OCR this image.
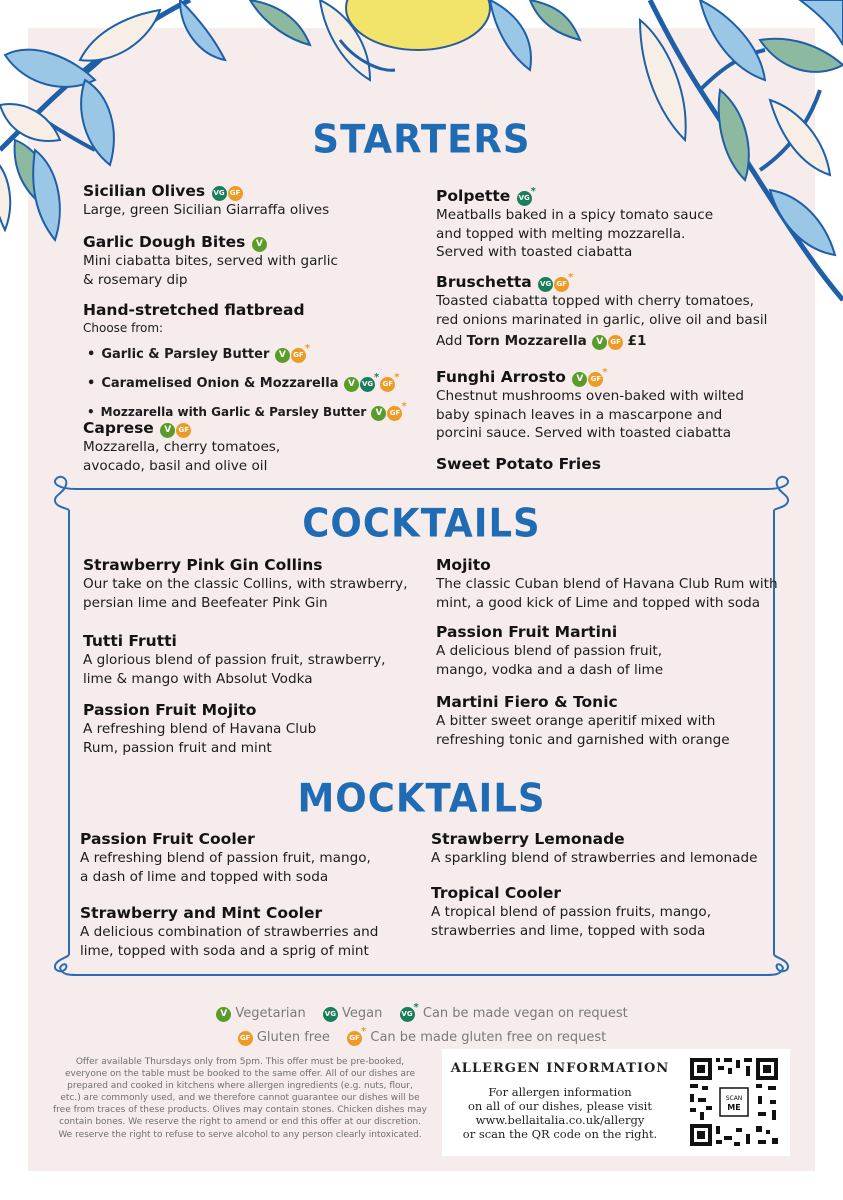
STARTERS
Sicilian Olives VG GF
Large, green Sicilian Giarraffa olives
Garlic Dough Bites V
Mini ciabatta bites, served with garlic
& rosemary dip
Hand-stretched flatbread
Choose from:
• Garlic & Parsley Butter V GF*
• Caramelised Onion & Mozzarella V VG*GF*
• Mozzarella with Garlic & Parsley Butter V GF*
Caprese V GF
Mozzarella, cherry tomatoes,
avocado, basil and olive oil
Polpette VG*
Meatballs baked in a spicy tomato sauce
and topped with melting mozzarella.
Served with toasted ciabatta
Bruschetta VG GF*
Toasted ciabatta topped with cherry tomatoes,
red onions marinated in garlic, olive oil and basil
Add Torn Mozzarella V GF £1
Funghi Arrosto V GF*
Chestnut mushrooms oven-baked with wilted
baby spinach leaves in a mascarpone and
porcini sauce. Served with toasted ciabatta
Sweet Potato Fries
COCKTAILS
Strawberry Pink Gin Collins
Our take on the classic Collins, with strawberry,
persian lime and Beefeater Pink Gin
Tutti Frutti
A glorious blend of passion fruit, strawberry,
lime & mango with Absolut Vodka
Passion Fruit Mojito
A refreshing blend of Havana Club
Rum, passion fruit and mint
Mojito
The classic Cuban blend of Havana Club Rum with
mint, a good kick of Lime and topped with soda
Passion Fruit Martini
A delicious blend of passion fruit,
mango, vodka and a dash of lime
Martini Fiero & Tonic
A bitter sweet orange aperitif mixed with
refreshing tonic and garnished with orange
MOCKTAILS
Passion Fruit Cooler
A refreshing blend of passion fruit, mango,
a dash of lime and topped with soda
Strawberry and Mint Cooler
A delicious combination of strawberries and
lime, topped with soda and a sprig of mint
Strawberry Lemonade
A sparkling blend of strawberries and lemonade
Tropical Cooler
A tropical blend of passion fruits, mango,
strawberries and lime, topped with soda
V Vegetarian	VG Vegan	VG* Can be made vegan on request
GF Gluten free	GF* Can be made gluten free on request
Offer available Thursdays only from 5pm. This offer must be pre-booked,
everyone on the table must be booked to the same offer. All of our dishes are
prepared and cooked in kitchens where allergen ingredients (e.g. nuts, flour,
etc.) are commonly used, and we therefore cannot guarantee our dishes will be
free from traces of these products. Olives may contain stones. Chicken dishes may
contain bones. We reserve the right to amend or end this offer at our discretion.
We reserve the right to refuse to serve alcohol to any person clearly intoxicated.
ALLERGEN INFORMATION
For allergen information
on all of our dishes, please visit
www.bellaitalia.co.uk/allergy
or scan the QR code on the right.
SCAN
ME
